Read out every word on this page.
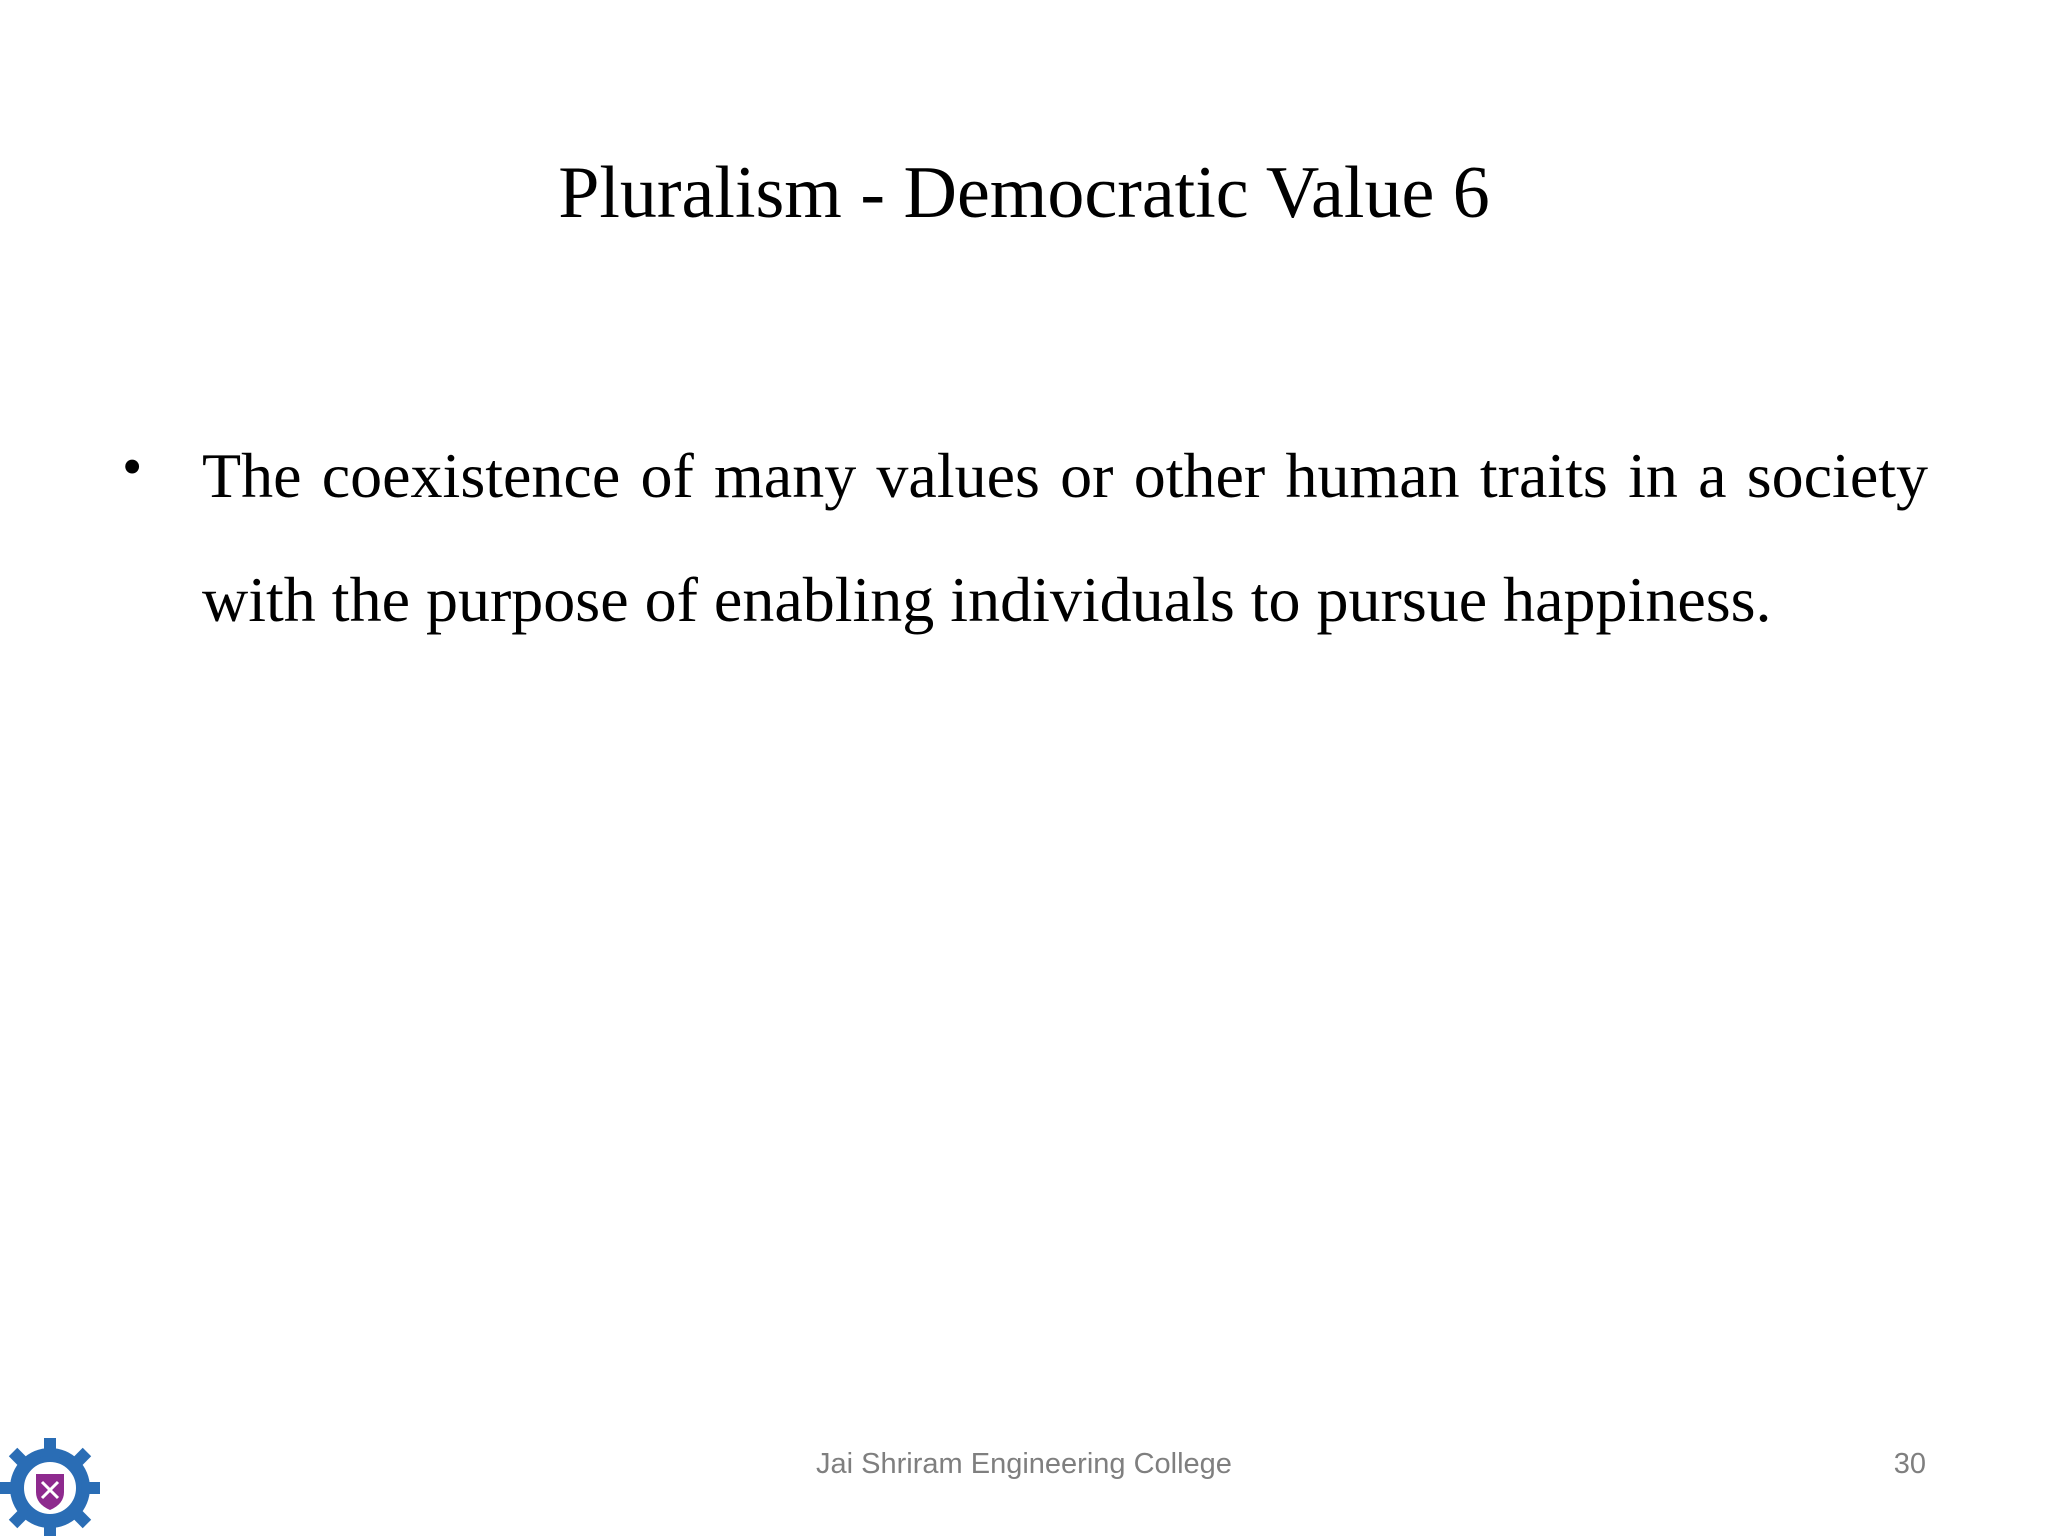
Pluralism - Democratic Value 6
• The coexistence of many values or other human traits in a society with the purpose of enabling individuals to pursue happiness.
Jai Shriram Engineering College	30
